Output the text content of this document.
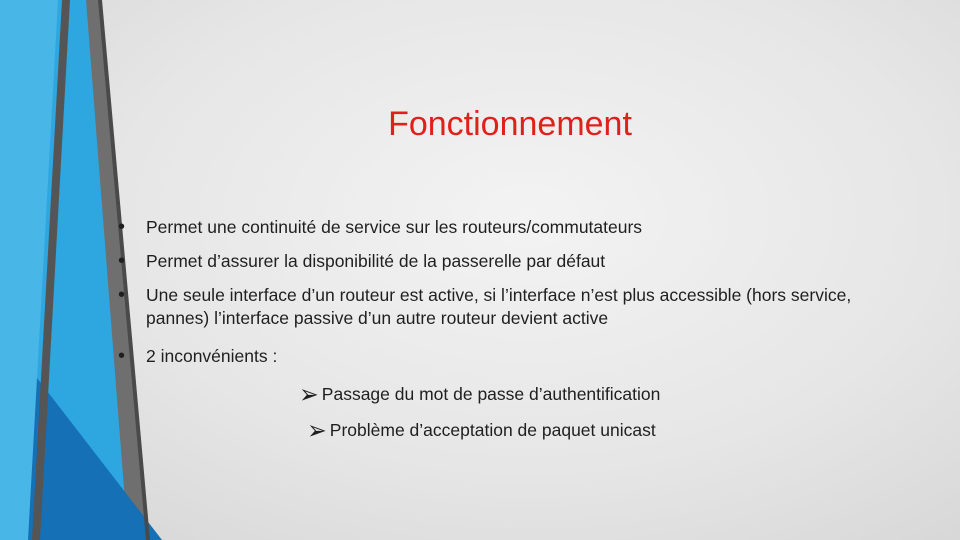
Fonctionnement
• Permet une continuité de service sur les routeurs/commutateurs
• Permet d’assurer la disponibilité de la passerelle par défaut
• Une seule interface d’un routeur est active, si l’interface n’est plus accessible (hors service, pannes) l’interface passive d’un autre routeur devient active
• 2 inconvénients :
➢ Passage du mot de passe d’authentification
➢ Problème d’acceptation de paquet unicast
